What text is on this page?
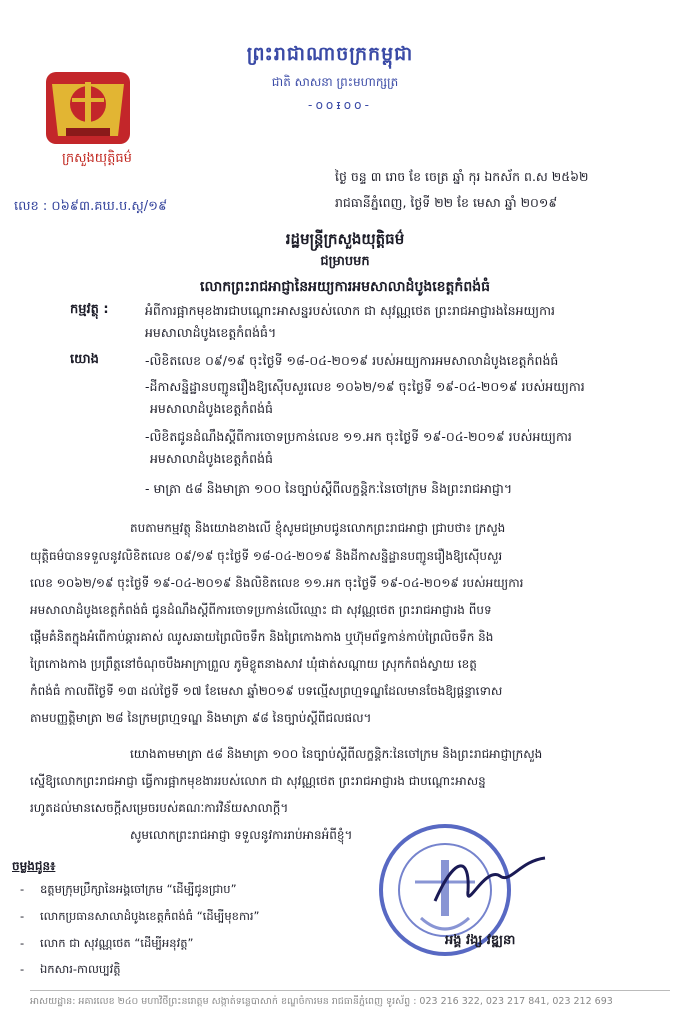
ព្រះរាជាណាចក្រកម្ពុជា
ជាតិ សាសនា ព្រះមហាក្សត្រ
-ooᵻoo-
ក្រសួងយុត្តិធម៌
លេខ : ០៦៩៣.គឃ.ប.ស្ត/១៩
ថ្ងៃ ចន្ទ ៣ រោច ខែ ចេត្រ ឆ្នាំ កុរ ឯកស័ក ព.ស ២៥៦២
រាជធានីភ្នំពេញ, ថ្ងៃទី ២២ ខែ មេសា ឆ្នាំ ២០១៩
រដ្ឋមន្ត្រីក្រសួងយុត្តិធម៌
ជម្រាបមក
លោកព្រះរាជអាជ្ញានៃអយ្យការអមសាលាដំបូងខេត្តកំពង់ធំ
កម្មវត្ថុ :	អំពីការផ្អាកមុខងារជាបណ្ដោះអាសន្នរបស់លោក ជា សុវណ្ណថេត ព្រះរាជអាជ្ញារងនៃអយ្យការ
អមសាលាដំបូងខេត្តកំពង់ធំ។
យោង	-លិខិតលេខ ០៩/១៩ ចុះថ្ងៃទី ១៨-០៤-២០១៩ របស់អយ្យការអមសាលាដំបូងខេត្តកំពង់ធំ
-ដីកាសន្និដ្ឋានបញ្ជូនរឿងឱ្យស៊ើបសួរលេខ ១០៦២/១៩ ចុះថ្ងៃទី ១៩-០៤-២០១៩ របស់អយ្យការ
អមសាលាដំបូងខេត្តកំពង់ធំ
-លិខិតជូនដំណឹងស្ដីពីការចោទប្រកាន់លេខ ១១.អក ចុះថ្ងៃទី ១៩-០៤-២០១៩ របស់អយ្យការ
អមសាលាដំបូងខេត្តកំពង់ធំ
- មាត្រា ៥៨ និងមាត្រា ១០០ នៃច្បាប់ស្ដីពីលក្ខន្តិកៈនៃចៅក្រម និងព្រះរាជអាជ្ញា។
តបតាមកម្មវត្ថុ និងយោងខាងលើ ខ្ញុំសូមជម្រាបជូនលោកព្រះរាជអាជ្ញា ជ្រាបថា៖ ក្រសួង
យុត្តិធម៌បានទទួលនូវលិខិតលេខ ០៩/១៩ ចុះថ្ងៃទី ១៨-០៤-២០១៩ និងដីកាសន្និដ្ឋានបញ្ជូនរឿងឱ្យស៊ើបសួរ
លេខ ១០៦២/១៩ ចុះថ្ងៃទី ១៩-០៤-២០១៩ និងលិខិតលេខ ១១.អក ចុះថ្ងៃទី ១៩-០៤-២០១៩ របស់អយ្យការ
អមសាលាដំបូងខេត្តកំពង់ធំ ជូនដំណឹងស្ដីពីការចោទប្រកាន់លើឈ្មោះ ជា សុវណ្ណថេត ព្រះរាជអាជ្ញារង ពីបទ
ផ្ដើមគំនិតក្នុងអំពើកាប់ឆ្ការគាស់ ឈូសឆាយព្រៃលិចទឹក និងព្រៃកោងកាង ឬហ៊ុមព័ទ្ធកាន់កាប់ព្រៃលិចទឹក និង
ព្រៃកោងកាង ប្រព្រឹត្តនៅចំណុចបឹងអាក្រាព្រួល ភូមិខ្លូតនាងសាវ ឃុំផាត់សណ្ដាយ ស្រុកកំពង់ស្វាយ ខេត្ត
កំពង់ធំ កាលពីថ្ងៃទី ១៣ ដល់ថ្ងៃទី ១៧ ខែមេសា ឆ្នាំ២០១៩ បទល្មើសព្រហ្មទណ្ឌដែលមានចែងឱ្យផ្ដន្ទាទោស
តាមបញ្ញត្តិមាត្រា ២៨ នៃក្រមព្រហ្មទណ្ឌ និងមាត្រា ៩៨ នៃច្បាប់ស្ដីពីជលផល។
យោងតាមមាត្រា ៥៨ និងមាត្រា ១០០ នៃច្បាប់ស្ដីពីលក្ខន្តិកៈនៃចៅក្រម និងព្រះរាជអាជ្ញាក្រសួង
ស្នើឱ្យលោកព្រះរាជអាជ្ញា ធ្វើការផ្អាកមុខងាររបស់លោក ជា សុវណ្ណថេត ព្រះរាជអាជ្ញារង ជាបណ្ដោះអាសន្ន
រហូតដល់មានសេចក្ដីសម្រេចរបស់គណៈការវិន័យសាលាក្ដី។
សូមលោកព្រះរាជអាជ្ញា ទទួលនូវការរាប់អានអំពីខ្ញុំ។
អង្គ វង្ស វឌ្ឍនា
ចម្លងជូន៖
- ឧត្តមក្រុមប្រឹក្សានៃអង្គចៅក្រម “ដើម្បីជូនជ្រាប”
- លោកប្រធានសាលាដំបូងខេត្តកំពង់ធំ “ដើម្បីមុខការ”
- លោក ជា សុវណ្ណថេត “ដើម្បីអនុវត្ត”
- ឯកសារ-កាលប្បវត្តិ
អាសយដ្ឋាន: អគារលេខ ២៤០ មហាវិថីព្រះនរោត្តម សង្កាត់ទន្លេបាសាក់ ខណ្ឌចំការមន រាជធានីភ្នំពេញ ទូរស័ព្ទ : 023 216 322, 023 217 841, 023 212 693
